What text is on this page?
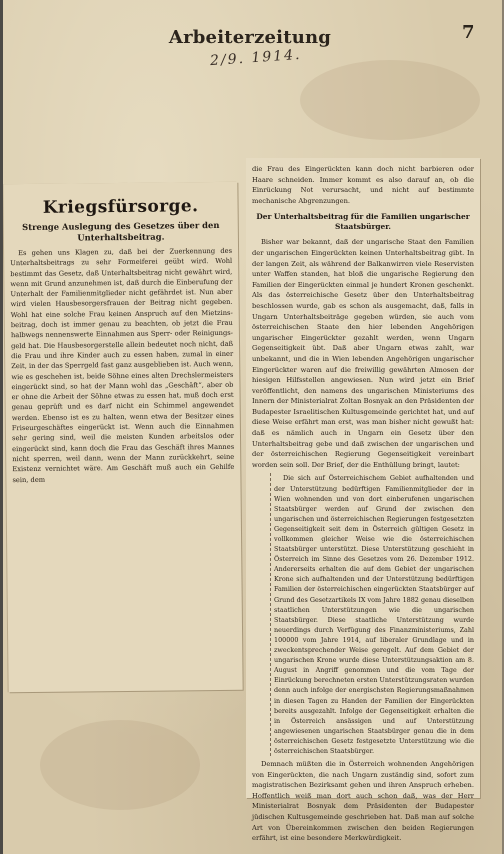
Arbeiterzeitung	7
2/9. 1914.
Kriegsfürsorge.
Strenge Auslegung des Gesetzes über den Unterhaltsbeitrag.

Es gehen uns Klagen zu, daß bei der Zuerkennung des Unterhaltsbeitrags zu sehr Formeiferei geübt wird. Wohl bestimmt das Gesetz, daß Unterhaltsbeitrag nicht gewährt wird, wenn mit Grund anzunehmen ist, daß durch die Einberufung der Unterhalt der Familienmitglieder nicht gefährdet ist. Nun aber wird vielen Hausbesorgersfrauen der Beitrag nicht gegeben. Wohl hat eine solche Frau keinen Anspruch auf den Mietzins-beitrag, doch ist immer genau zu beachten, ob jetzt die Frau halbwegs nennenswerte Einnahmen aus Sperr- oder Reinigungs-geld hat. Die Hausbesorgerstelle allein bedeutet noch nicht, daß die Frau und ihre Kinder auch zu essen haben, zumal in einer Zeit, in der das Sperrgeld fast ganz ausgeblieben ist. Auch wenn, wie es geschehen ist, beide Söhne eines alten Drechslermeisters eingerückt sind, so hat der Mann wohl das „Geschäft“, aber ob er ohne die Arbeit der Söhne etwas zu essen hat, muß doch erst genau geprüft und es darf nicht ein Schimmel angewendet werden. Ebenso ist es zu halten, wenn etwa der Besitzer eines Friseurgeschäftes eingerückt ist. Wenn auch die Einnahmen sehr gering sind, weil die meisten Kunden arbeitslos oder eingerückt sind, kann doch die Frau das Geschäft ihres Mannes nicht sperren, weil dann, wenn der Mann zurückkehrt, seine Existenz vernichtet wäre. Am Geschäft muß auch ein Gehilfe sein, dem

die Frau des Eingerückten kann doch nicht barbieren oder Haare schneiden. Immer kommt es also darauf an, ob die Einrückung Not verursacht, und nicht auf bestimmte mechanische Abgrenzungen.

Der Unterhaltsbeitrag für die Familien ungarischer Staatsbürger.

Bisher war bekannt, daß der ungarische Staat den Familien der ungarischen Eingerückten keinen Unterhaltsbeitrag gibt. In der langen Zeit, als während der Balkanwirren viele Reservisten unter Waffen standen, hat bloß die ungarische Regierung den Familien der Eingerückten einmal je hundert Kronen geschenkt. Als das österreichische Gesetz über den Unterhaltsbeitrag beschlossen wurde, gab es schon als ausgemacht, daß, falls in Ungarn Unterhaltsbeiträge gegeben würden, sie auch vom österreichischen Staate den hier lebenden Angehörigen ungarischer Eingerückter gezahlt werden, wenn Ungarn Gegenseitigkeit übt. Daß aber Ungarn etwas zahlt, war unbekannt, und die in Wien lebenden Angehörigen ungarischer Eingerückter waren auf die freiwillig gewährten Almosen der hiesigen Hilfsstellen angewiesen. Nun wird jetzt ein Brief veröffentlicht, den namens des ungarischen Ministeriums des Innern der Ministerialrat Zoltan Bosnyak an den Präsidenten der Budapester Israelitischen Kultusgemeinde gerichtet hat, und auf diese Weise erfährt man erst, was man bisher nicht gewußt hat: daß es nämlich auch in Ungarn ein Gesetz über den Unterhaltsbeitrag gebe und daß zwischen der ungarischen und der österreichischen Regierung Gegenseitigkeit vereinbart worden sein soll. Der Brief, der die Enthüllung bringt, lautet:

Die sich auf Österreichischem Gebiet aufhaltenden und der Unterstützung bedürftigen Familienmitglieder der in Wien wohnenden und von dort einberufenen ungarischen Staatsbürger werden auf Grund der zwischen den ungarischen und österreichischen Regierungen festgesetzten Gegenseitigkeit seit dem in Österreich gültigen Gesetz in vollkommen gleicher Weise wie die österreichischen Staatsbürger unterstützt. Diese Unterstützung geschieht in Österreich im Sinne des Gesetzes vom 26. Dezember 1912. Andererseits erhalten die auf dem Gebiet der ungarischen Krone sich aufhaltenden und der Unterstützung bedürftigen Familien der österreichischen eingerückten Staatsbürger auf Grund des Gesetzartikels IX vom Jahre 1882 genau dieselben staatlichen Unterstützungen wie die ungarischen Staatsbürger. Diese staatliche Unterstützung wurde neuerdings durch Verfügung des Finanzministeriums, Zahl 100000 vom Jahre 1914, auf liberaler Grundlage und in zweckentsprechender Weise geregelt. Auf dem Gebiet der ungarischen Krone wurde diese Unterstützungsaktion am 8. August in Angriff genommen und die vom Tage der Einrückung berechneten ersten Unterstützungsraten wurden denn auch infolge der energischsten Regierungsmaßnahmen in diesen Tagen zu Handen der Familien der Eingerückten bereits ausgezahlt. Infolge der Gegenseitigkeit erhalten die in Österreich ansässigen und auf Unterstützung angewiesenen ungarischen Staatsbürger genau die in dem österreichischen Gesetz festgesetzte Unterstützung wie die österreichischen Staatsbürger.

Demnach müßten die in Österreich wohnenden Angehörigen von Eingerückten, die nach Ungarn zuständig sind, sofort zum magistratischen Bezirksamt gehen und ihren Anspruch erheben. Hoffentlich weiß man dort auch schon daß, was der Herr Ministerialrat Bosnyak dem Präsidenten der Budapester jüdischen Kultusgemeinde geschrieben hat. Daß man auf solche Art von Übereinkommen zwischen den beiden Regierungen erfährt, ist eine besondere Merkwürdigkeit.
